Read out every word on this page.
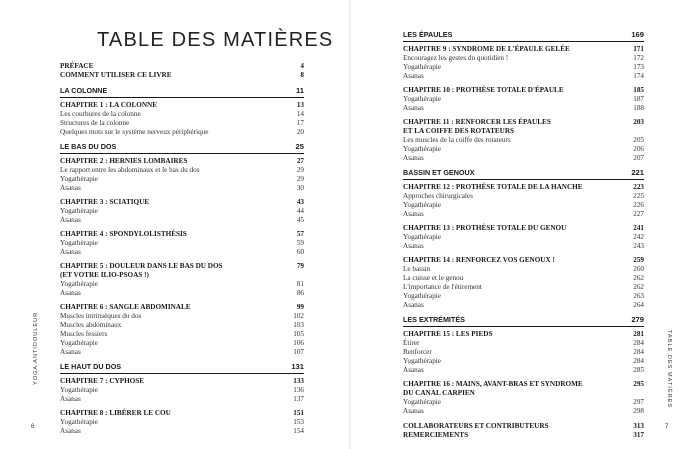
TABLE DES MATIÈRES
YOGA ANTIDOULEUR	TABLE DES MATIÈRES
6	7
PRÉFACE	4
COMMENT UTILISER CE LIVRE	8
LA COLONNE	11
CHAPITRE 1 : LA COLONNE	13
Les courbures de la colonne	14
Structures de la colonne	17
Quelques mots sur le système nerveux périphérique	20
LE BAS DU DOS	25
CHAPITRE 2 : HERNIES LOMBAIRES	27
Le rapport entre les abdominaux et le bas du dos	29
Yogathérapie	29
Asanas	30
CHAPITRE 3 : SCIATIQUE	43
Yogathérapie	44
Asanas	45
CHAPITRE 4 : SPONDYLOLISTHÉSIS	57
Yogathérapie	59
Asanas	60
CHAPITRE 5 : DOULEUR DANS LE BAS DU DOS
(ET VOTRE ILIO-PSOAS !)
79
Yogathérapie	81
Asanas	86
CHAPITRE 6 : SANGLE ABDOMINALE	99
Muscles intrinsèques du dos	102
Muscles abdominaux	103
Muscles fessiers	105
Yogathérapie	106
Asanas	107
LE HAUT DU DOS	131
CHAPITRE 7 : CYPHOSE	133
Yogathérapie	136
Asanas	137
CHAPITRE 8 : LIBÉRER LE COU	151
Yogathérapie	153
Asanas	154
LES ÉPAULES	169
CHAPITRE 9 : SYNDROME DE L'ÉPAULE GELÉE	171
Encouragez les gestes du quotidien !	172
Yogathérapie	173
Asanas	174
CHAPITRE 10 : PROTHÈSE TOTALE D'ÉPAULE	185
Yogathérapie	187
Asanas	188
CHAPITRE 11 : RENFORCER LES ÉPAULES
ET LA COIFFE DES ROTATEURS
203
Les muscles de la coiffe des rotateurs	205
Yogathérapie	206
Asanas	207
BASSIN ET GENOUX	221
CHAPITRE 12 : PROTHÈSE TOTALE DE LA HANCHE	223
Approches chirurgicales	225
Yogathérapie	226
Asanas	227
CHAPITRE 13 : PROTHÈSE TOTALE DU GENOU	241
Yogathérapie	242
Asanas	243
CHAPITRE 14 : RENFORCEZ VOS GENOUX !	259
Le bassin	260
La cuisse et le genou	262
L'importance de l'étirement	262
Yogathérapie	263
Asanas	264
LES EXTRÉMITÉS	279
CHAPITRE 15 : LES PIEDS	281
Étirer	284
Renforcer	284
Yogathérapie	284
Asanas	285
CHAPITRE 16 : MAINS, AVANT-BRAS ET SYNDROME
DU CANAL CARPIEN
295
Yogathérapie	297
Asanas	298
COLLABORATEURS ET CONTRIBUTEURS	313
REMERCIEMENTS	317
